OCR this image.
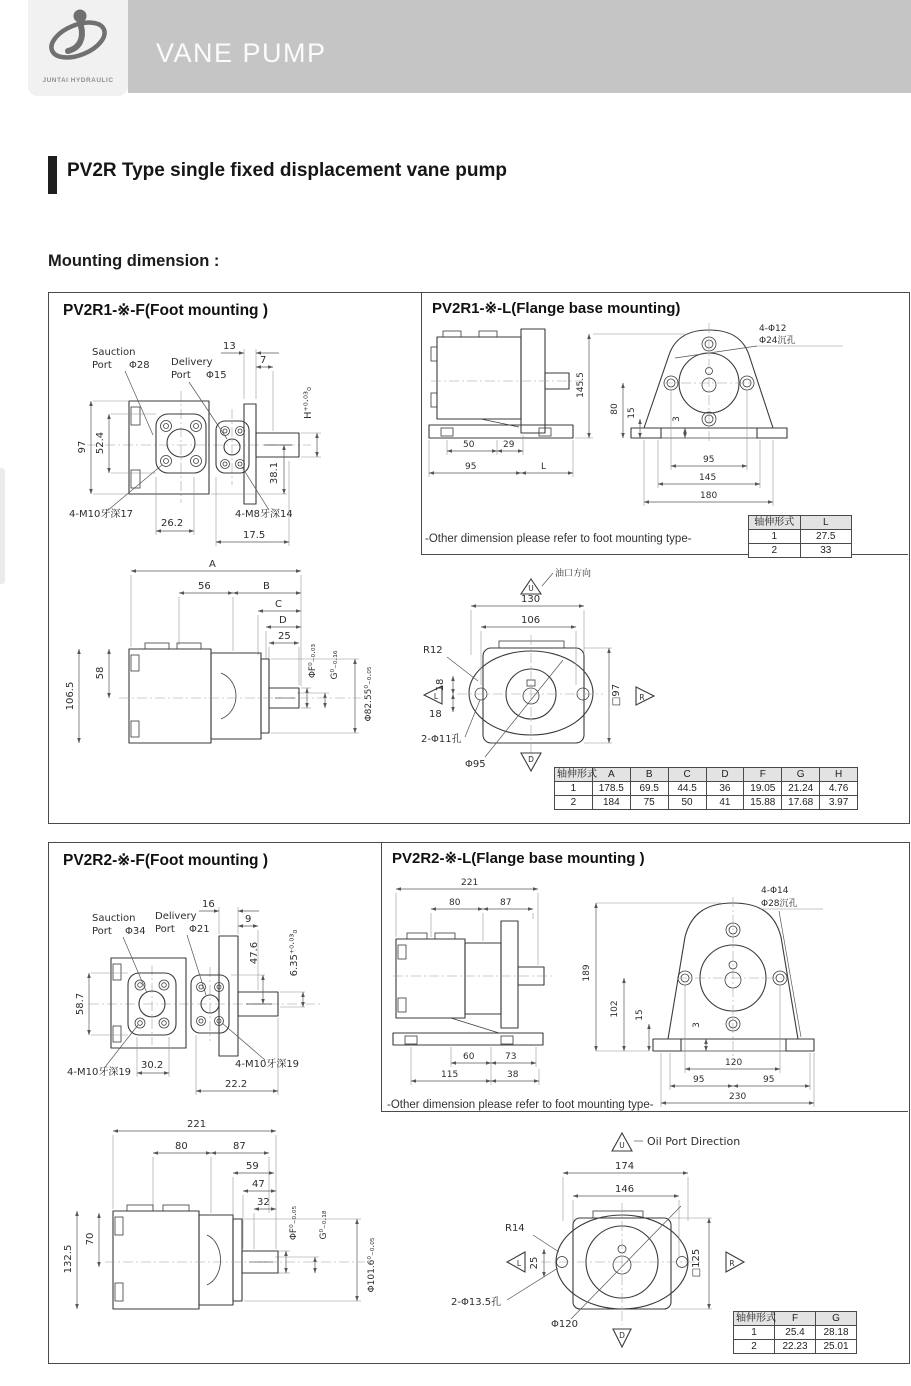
VANE PUMP
JUNTAI HYDRAULIC
PV2R Type single fixed displacement vane pump
Mounting dimension :
PV2R1-※-F(Foot mounting )	PV2R1-※-L(Flange base mounting)
-Other dimension please refer to foot mounting type-
Sauction
Port Φ28 Delivery
Port Φ15
13
7
97 52.4
H⁺⁰·⁰³₀
38.1
4-M10牙深17	4-M8牙深14
26.2
17.5
50	29
95	L
145.5
80 15
3
95
145
180
4-Φ12
Φ24沉孔
轴伸形式	L
1	27.5
2	33
A
56	B
C
D
25
106.5
58	ΦF⁰₋₀.₀₃ G⁰₋₀.₁₆
Φ82.55⁰₋₀.₀₅
U
L	R
D
油口方向
130
106
R12
18
18
2-Φ11孔
Φ95
□97
轴伸形式	A	B	C	D	F	G	H
1	178.5	69.5	44.5	36	19.05	21.24	4.76
2	184	75	50	41	15.88	17.68	3.97
PV2R2-※-F(Foot mounting )	PV2R2-※-L(Flange base mounting )
-Other dimension please refer to foot mounting type-
Sauction
Port Φ34
Delivery
Port Φ21
16
9
58.7
47.6	6.35⁺⁰·⁰³₀
4-M10牙深19
4-M10牙深19
30.2
22.2
221
80	87
60	73
115	38
189
102 15
3
120
95	95
230
4-Φ14
Φ28沉孔
221
80	87
59
47
32
132.5
70	ΦF⁰₋₀.₀₅ G⁰₋₀.₁₈
Φ101.6⁰₋₀.₀₅
U
L	R
D
Oil Port Direction
174
146
R14
25
2-Φ13.5孔
Φ120
□125
轴伸形式	F	G
1	25.4	28.18
2	22.23	25.01
